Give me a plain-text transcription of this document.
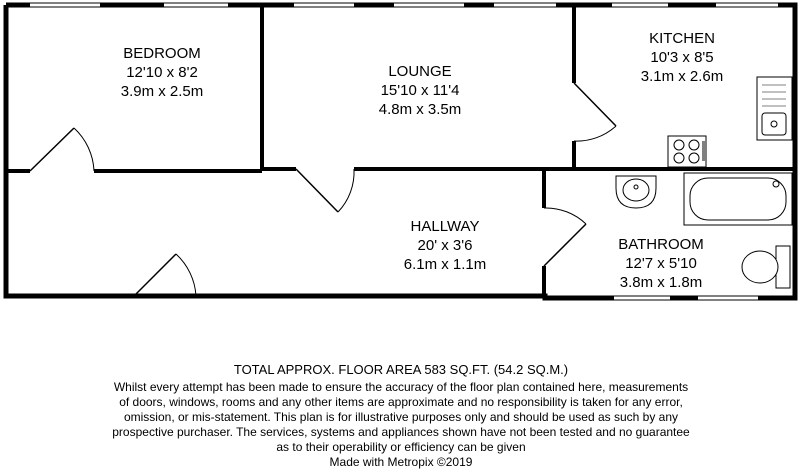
BEDROOM
12'10 x 8'2
3.9m x 2.5m
LOUNGE
15'10 x 11'4
4.8m x 3.5m
KITCHEN
10'3 x 8'5
3.1m x 2.6m
HALLWAY
20' x 3'6
6.1m x 1.1m
BATHROOM
12'7 x 5'10
3.8m x 1.8m
TOTAL APPROX. FLOOR AREA 583 SQ.FT. (54.2 SQ.M.)
Whilst every attempt has been made to ensure the accuracy of the floor plan contained here, measurements
of doors, windows, rooms and any other items are approximate and no responsibility is taken for any error,
omission, or mis-statement. This plan is for illustrative purposes only and should be used as such by any
prospective purchaser. The services, systems and appliances shown have not been tested and no guarantee
as to their operability or efficiency can be given
Made with Metropix ©2019
